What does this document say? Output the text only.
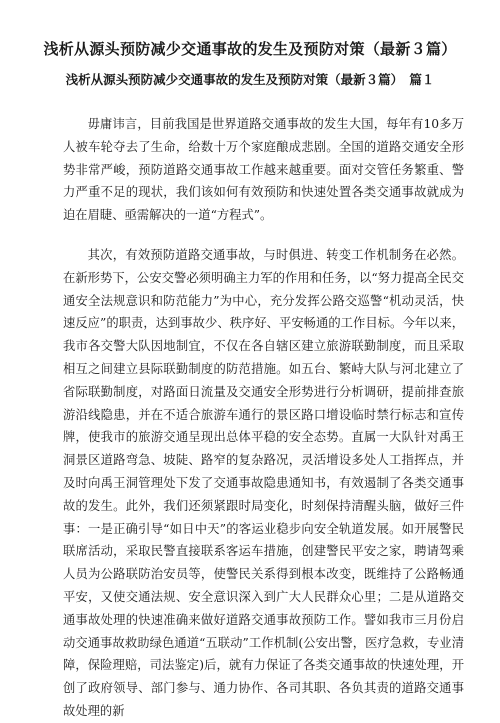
浅析从源头预防减少交通事故的发生及预防对策（最新３篇）
浅析从源头预防减少交通事故的发生及预防对策（最新３篇）　篇１

毋庸讳言，目前我国是世界道路交通事故的发生大国，每年有10多万人被车轮夺去了生命，给数十万个家庭酿成悲剧。全国的道路交通安全形势非常严峻，预防道路交通事故工作越来越重要。面对交管任务繁重、警力严重不足的现状，我们该如何有效预防和快速处置各类交通事故就成为迫在眉睫、亟需解决的一道“方程式”。

其次，有效预防道路交通事故，与时俱进、转变工作机制务在必然。在新形势下，公安交警必须明确主力军的作用和任务，以“努力提高全民交通安全法规意识和防范能力”为中心，充分发挥公路交巡警“机动灵活，快速反应”的职责，达到事故少、秩序好、平安畅通的工作目标。今年以来，我市各交警大队因地制宜，不仅在各自辖区建立旅游联勤制度，而且采取相互之间建立县际联勤制度的防范措施。如五台、繁峙大队与河北建立了省际联勤制度，对路面日流量及交通安全形势进行分析调研，提前排查旅游沿线隐患，并在不适合旅游车通行的景区路口增设临时禁行标志和宣传牌，使我市的旅游交通呈现出总体平稳的安全态势。直属一大队针对禹王洞景区道路弯急、坡陡、路窄的复杂路况，灵活增设多处人工指挥点，并及时向禹王洞管理处下发了交通事故隐患通知书，有效遏制了各类交通事故的发生。此外，我们还须紧跟时局变化，时刻保持清醒头脑，做好三件事：一是正确引导“如日中天”的客运业稳步向安全轨道发展。如开展警民联席活动，采取民警直接联系客运车措施，创建警民平安之家，聘请驾乘人员为公路联防治安员等，使警民关系得到根本改变，既维持了公路畅通平安，又使交通法规、安全意识深入到广大人民群众心里；二是从道路交通事故处理的快速准确来做好道路交通事故预防工作。譬如我市三月份启动交通事故救助绿色通道“五联动”工作机制(公安出警，医疗急救，专业清障，保险理赔，司法鉴定)后，就有力保证了各类交通事故的快速处理，开创了政府领导、部门参与、通力协作、各司其职、各负其责的道路交通事故处理的新
